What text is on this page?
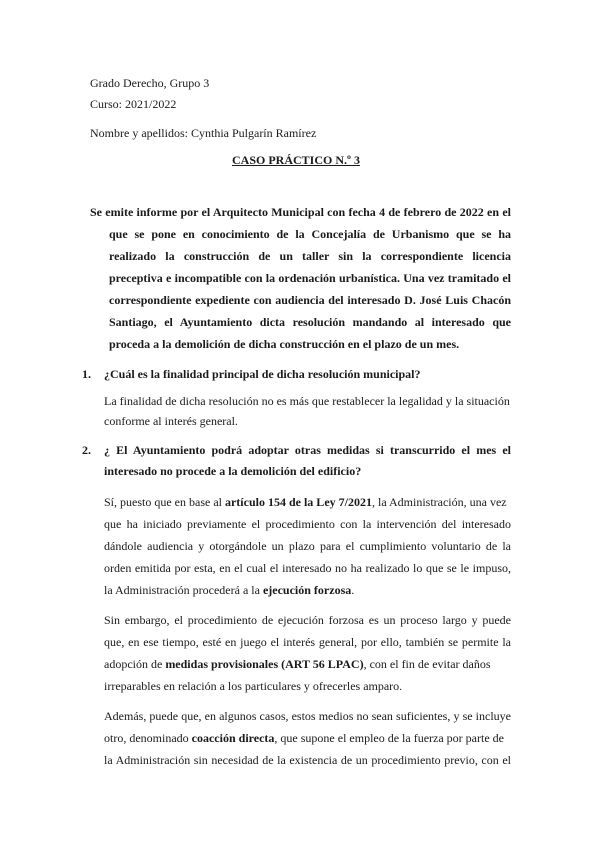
Grado Derecho, Grupo 3
Curso: 2021/2022
Nombre y apellidos: Cynthia Pulgarín Ramírez
CASO PRÁCTICO N.º 3
Se emite informe por el Arquitecto Municipal con fecha 4 de febrero de 2022 en el
que se pone en conocimiento de la Concejalía de Urbanismo que se ha
realizado la construcción de un taller sin la correspondiente licencia
preceptiva e incompatible con la ordenación urbanística. Una vez tramitado el
correspondiente expediente con audiencia del interesado D. José Luis Chacón
Santiago, el Ayuntamiento dicta resolución mandando al interesado que
proceda a la demolición de dicha construcción en el plazo de un mes.
1. ¿Cuál es la finalidad principal de dicha resolución municipal?
La finalidad de dicha resolución no es más que restablecer la legalidad y la situación
conforme al interés general.
2. ¿ El Ayuntamiento podrá adoptar otras medidas si transcurrido el mes el
interesado no procede a la demolición del edificio?
Sí, puesto que en base al artículo 154 de la Ley 7/2021, la Administración, una vez
que ha iniciado previamente el procedimiento con la intervención del interesado
dándole audiencia y otorgándole un plazo para el cumplimiento voluntario de la
orden emitida por esta, en el cual el interesado no ha realizado lo que se le impuso,
la Administración procederá a la ejecución forzosa.
Sin embargo, el procedimiento de ejecución forzosa es un proceso largo y puede
que, en ese tiempo, esté en juego el interés general, por ello, también se permite la
adopción de medidas provisionales (ART 56 LPAC), con el fin de evitar daños
irreparables en relación a los particulares y ofrecerles amparo.
Además, puede que, en algunos casos, estos medios no sean suficientes, y se incluye
otro, denominado coacción directa, que supone el empleo de la fuerza por parte de
la Administración sin necesidad de la existencia de un procedimiento previo, con el
